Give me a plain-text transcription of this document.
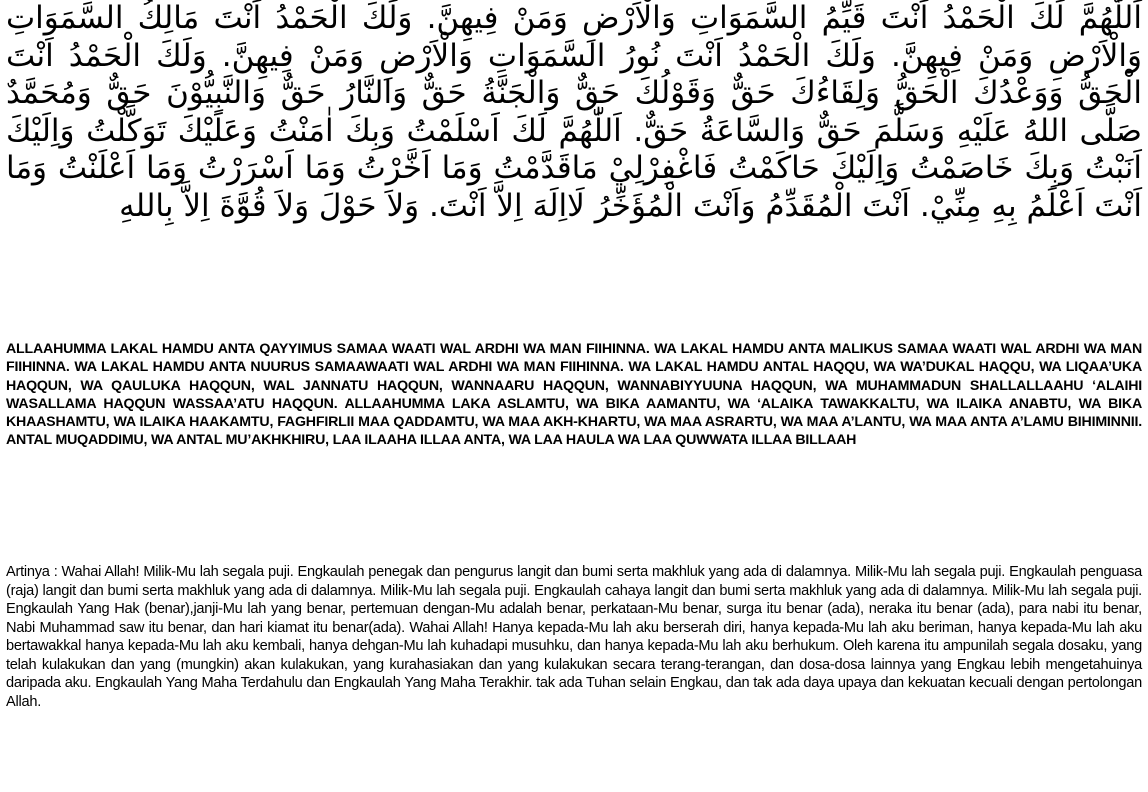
اَللّٰهُمَّ لَكَ الْحَمْدُ اَنْتَ قَيِّمُ السَّمَوَاتِ وَالْاَرْضِ وَمَنْ فِيهِنَّ. وَلَكَ الْحَمْدُ اَنْتَ مَالِكُ السَّمَوَاتِ وَالْاَرْضِ وَمَنْ فِيهِنَّ. وَلَكَ الْحَمْدُ اَنْتَ نُورُ السَّمَوَاتِ وَالْاَرْضِ وَمَنْ فِيهِنَّ. وَلَكَ الْحَمْدُ اَنْتَ الْحَقُّ وَوَعْدُكَ الْحَقُّ وَلِقَاءُكَ حَقٌّ وَقَوْلُكَ حَقٌّ وَالْجَنَّةُ حَقٌّ وَالنَّارُ حَقٌّ وَالنَّبِيُّوْنَ حَقٌّ وَمُحَمَّدٌ صَلَّى اللهُ عَلَيْهِ وَسَلَّمَ حَقٌّ وَالسَّاعَةُ حَقٌّ. اَللّٰهُمَّ لَكَ اَسْلَمْتُ وَبِكَ اٰمَنْتُ وَعَلَيْكَ تَوَكَّلْتُ وَاِلَيْكَ اَنَبْتُ وَبِكَ خَاصَمْتُ وَاِلَيْكَ حَاكَمْتُ فَاغْفِرْلِيْ مَاقَدَّمْتُ وَمَا اَخَّرْتُ وَمَا اَسْرَرْتُ وَمَا اَعْلَنْتُ وَمَا اَنْتَ اَعْلَمُ بِهِ مِنِّيْ. اَنْتَ الْمُقَدِّمُ وَاَنْتَ الْمُؤَخِّرُ لَااِلَهَ اِلاَّ اَنْتَ. وَلاَ حَوْلَ وَلاَ قُوَّةَ اِلاَّ بِاللهِ

ALLAAHUMMA LAKAL HAMDU ANTA QAYYIMUS SAMAA WAATI WAL ARDHI WA MAN FIIHINNA. WA LAKAL HAMDU ANTA MALIKUS SAMAA WAATI WAL ARDHI WA MAN FIIHINNA. WA LAKAL HAMDU ANTA NUURUS SAMAAWAATI WAL ARDHI WA MAN FIIHINNA. WA LAKAL HAMDU ANTAL HAQQU, WA WA’DUKAL HAQQU, WA LIQAA’UKA HAQQUN, WA QAULUKA HAQQUN, WAL JANNATU HAQQUN, WANNAARU HAQQUN, WANNABIYYUUNA HAQQUN, WA MUHAMMADUN SHALLALLAAHU ‘ALAIHI WASALLAMA HAQQUN WASSAA’ATU HAQQUN. ALLAAHUMMA LAKA ASLAMTU, WA BIKA AAMANTU, WA ‘ALAIKA TAWAKKALTU, WA ILAIKA ANABTU, WA BIKA KHAASHAMTU, WA ILAIKA HAAKAMTU, FAGHFIRLII MAA QADDAMTU, WA MAA AKH-KHARTU, WA MAA ASRARTU, WA MAA A’LANTU, WA MAA ANTA A’LAMU BIHIMINNII. ANTAL MUQADDIMU, WA ANTAL MU’AKHKHIRU, LAA ILAAHA ILLAA ANTA, WA LAA HAULA WA LAA QUWWATA ILLAA BILLAAH

Artinya : Wahai Allah! Milik-Mu lah segala puji. Engkaulah penegak dan pengurus langit dan bumi serta makhluk yang ada di dalamnya. Milik-Mu lah segala puji. Engkaulah penguasa (raja) langit dan bumi serta makhluk yang ada di dalamnya. Milik-Mu lah segala puji. Engkaulah cahaya langit dan bumi serta makhluk yang ada di dalamnya. Milik-Mu lah segala puji. Engkaulah Yang Hak (benar),janji-Mu lah yang benar, pertemuan dengan-Mu adalah benar, perkataan-Mu benar, surga itu benar (ada), neraka itu benar (ada), para nabi itu benar, Nabi Muhammad saw itu benar, dan hari kiamat itu benar(ada). Wahai Allah! Hanya kepada-Mu lah aku berserah diri, hanya kepada-Mu lah aku beriman, hanya kepada-Mu lah aku bertawakkal hanya kepada-Mu lah aku kembali, hanya dehgan-Mu lah kuhadapi musuhku, dan hanya kepada-Mu lah aku berhukum. Oleh karena itu ampunilah segala dosaku, yang telah kulakukan dan yang (mungkin) akan kulakukan, yang kurahasiakan dan yang kulakukan secara terang-terangan, dan dosa-dosa lainnya yang Engkau lebih mengetahuinya daripada aku. Engkaulah Yang Maha Terdahulu dan Engkaulah Yang Maha Terakhir. tak ada Tuhan selain Engkau, dan tak ada daya upaya dan kekuatan kecuali dengan pertolongan Allah.
